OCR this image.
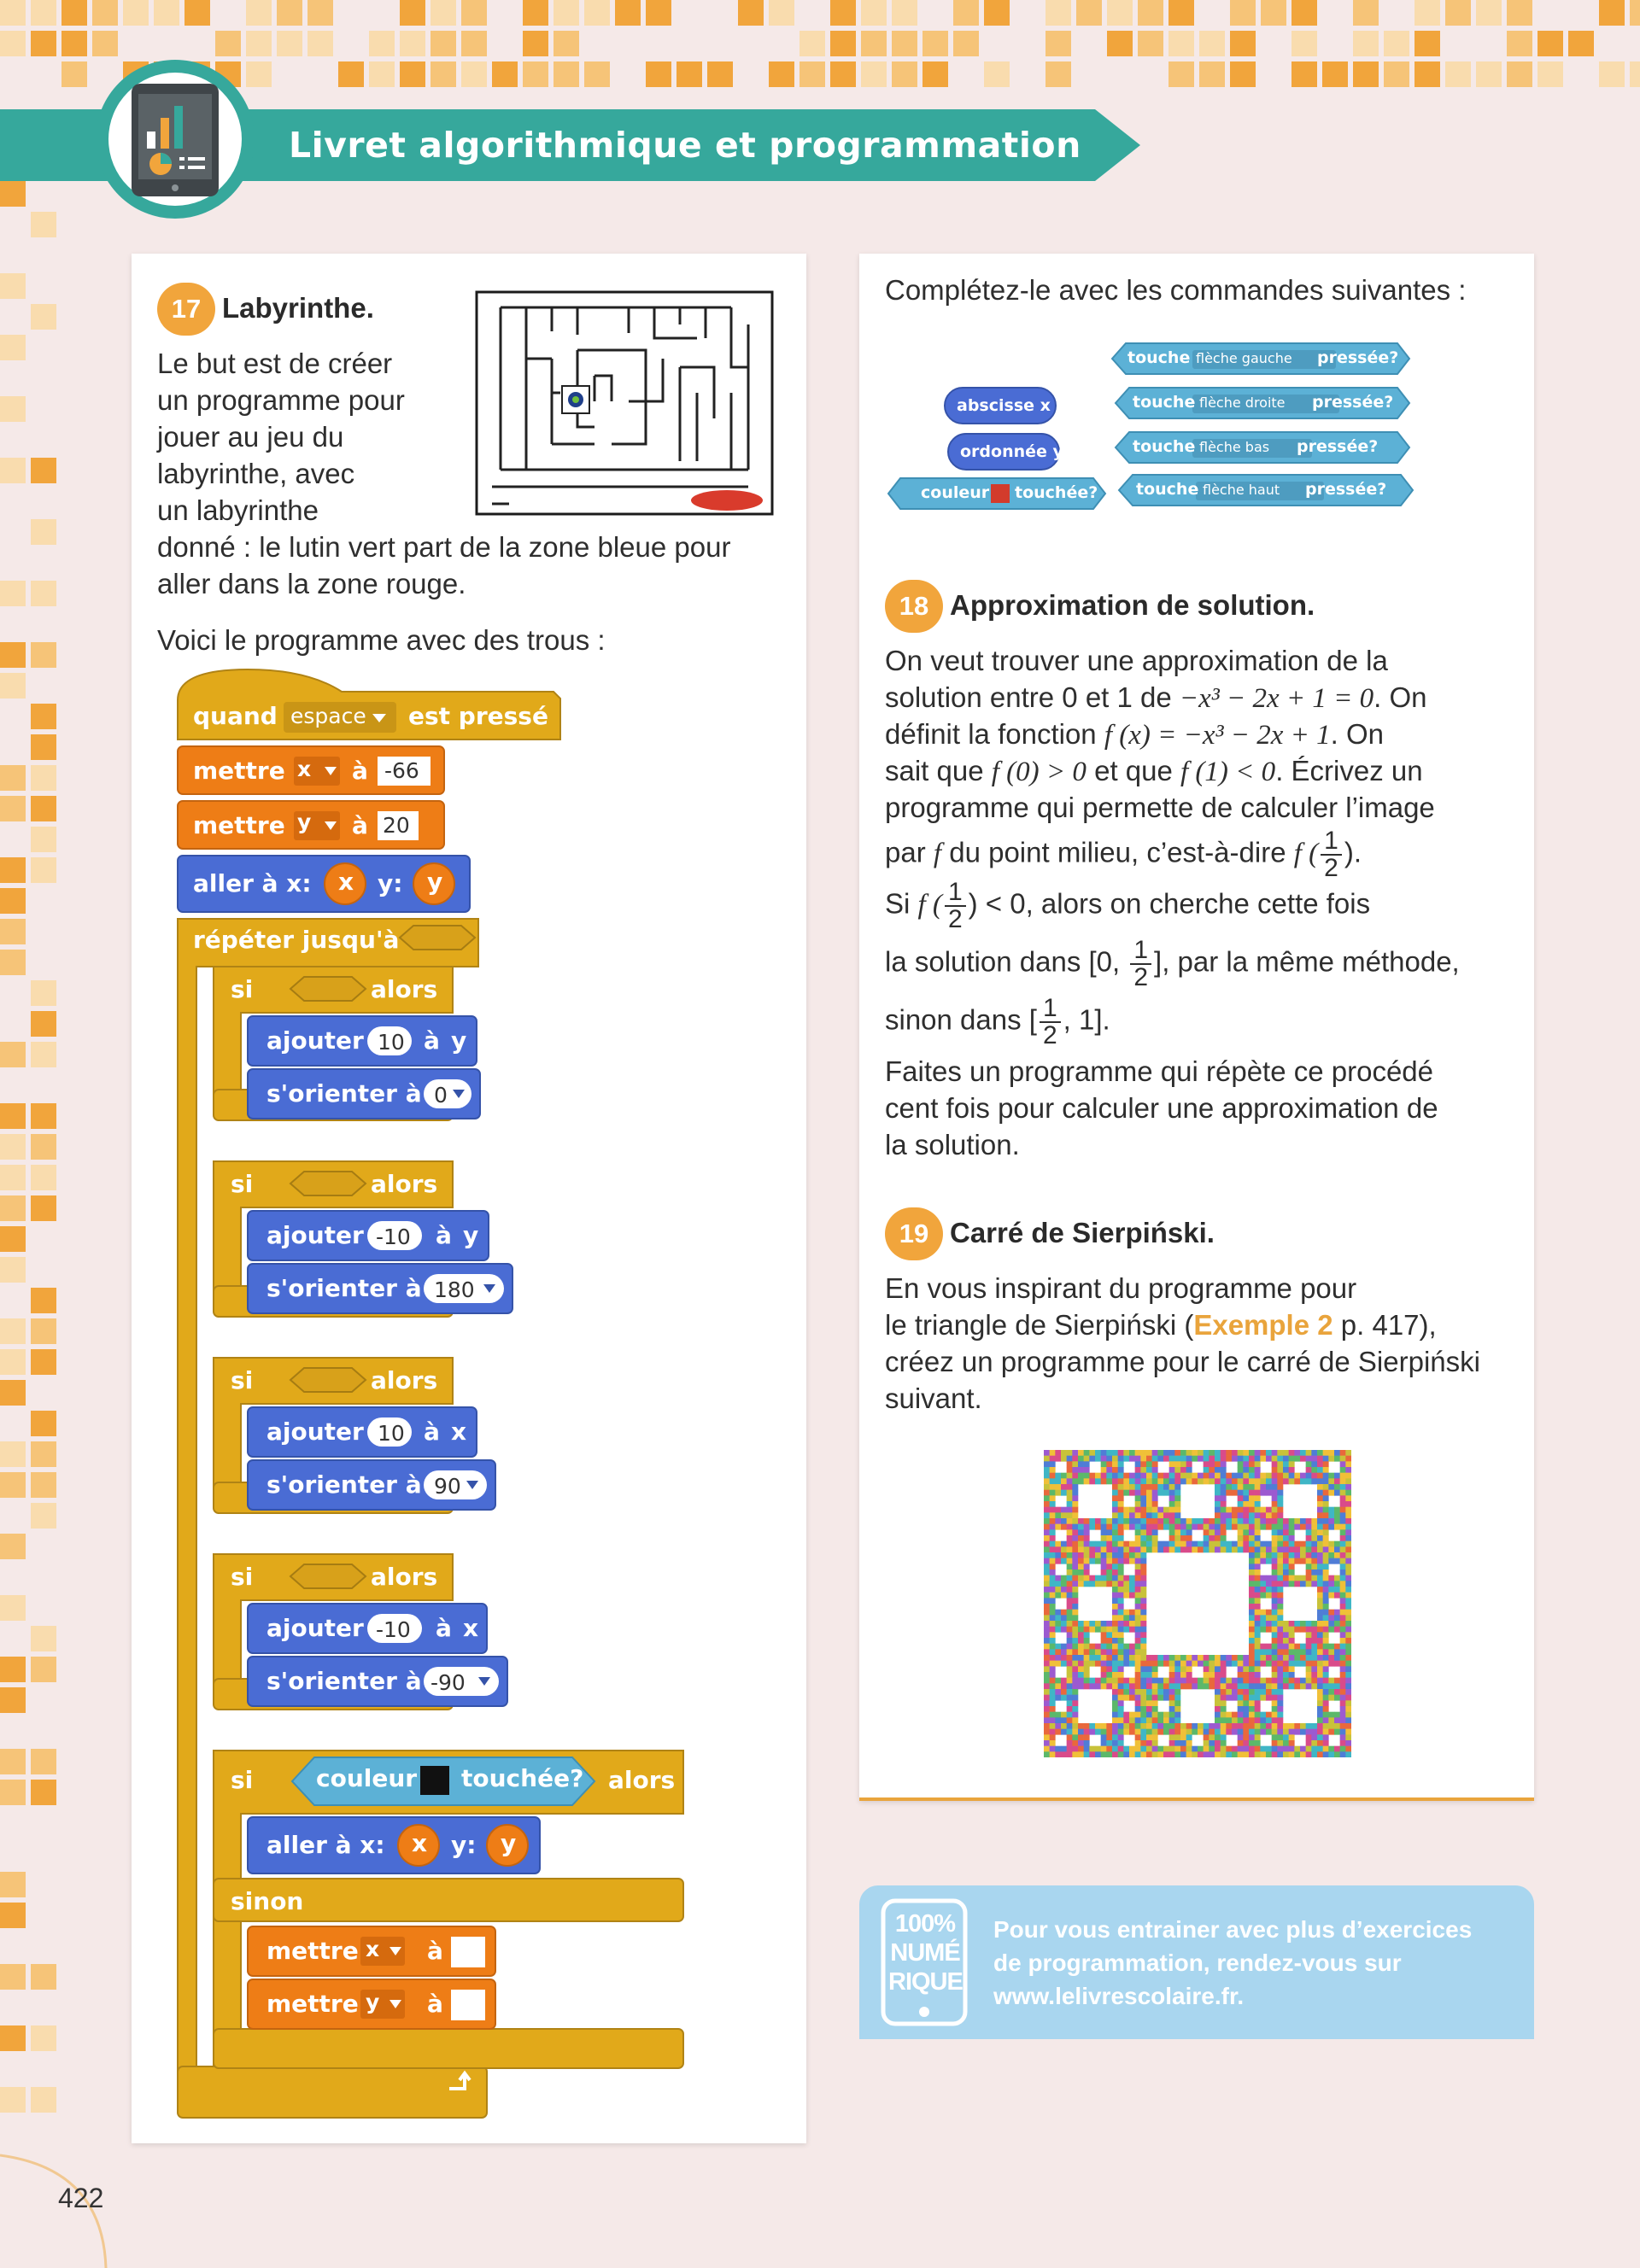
Livret algorithmique et programmation
17 Labyrinthe.
Le but est de créer
un programme pour
jouer au jeu du
labyrinthe, avec
un labyrinthe
donné : le lutin vert part de la zone bleue pour
aller dans la zone rouge.
Voici le programme avec des trous :
quand espace est pressé
mettre x à -66
mettre y à 20
aller à x: x y: y
répéter jusqu'à
si	alors
ajouter 10 à y
s'orienter à 0
si	alors
ajouter -10 à y
s'orienter à 180
si	alors
ajouter 10 à x
s'orienter à 90
si	alors
ajouter -10 à x
s'orienter à -90
si	couleur touchée? alors
aller à x: x y: y
sinon
mettre x à
mettre y à
Complétez-le avec les commandes suivantes :
abscisse x
ordonnée y
couleur touchée?
touche flèche gauche pressée?
touche flèche droite pressée?
touche flèche bas pressée?
touche flèche haut pressée?
18 Approximation de solution.
On veut trouver une approximation de la
solution entre 0 et 1 de −x³ − 2x + 1 = 0. On
définit la fonction f (x) = −x³ − 2x + 1. On
sait que f (0) > 0 et que f (1) < 0. Écrivez un
programme qui permette de calculer l’image
par f du point milieu, c’est-à-dire f ( $\frac{1}{2}$ ).
Si f ( $\frac{1}{2}$ ) < 0, alors on cherche cette fois
la solution dans [0, $\frac{1}{2}$ ], par la même méthode,
sinon dans [ $\frac{1}{2}$ , 1].
Faites un programme qui répète ce procédé
cent fois pour calculer une approximation de
la solution.
19 Carré de Sierpiński.
En vous inspirant du programme pour
le triangle de Sierpiński (Exemple 2 p. 417),
créez un programme pour le carré de Sierpiński
suivant.
100%
NUMÉ
RIQUE
Pour vous entrainer avec plus d’exercices
de programmation, rendez-vous sur
www.lelivrescolaire.fr.
422
